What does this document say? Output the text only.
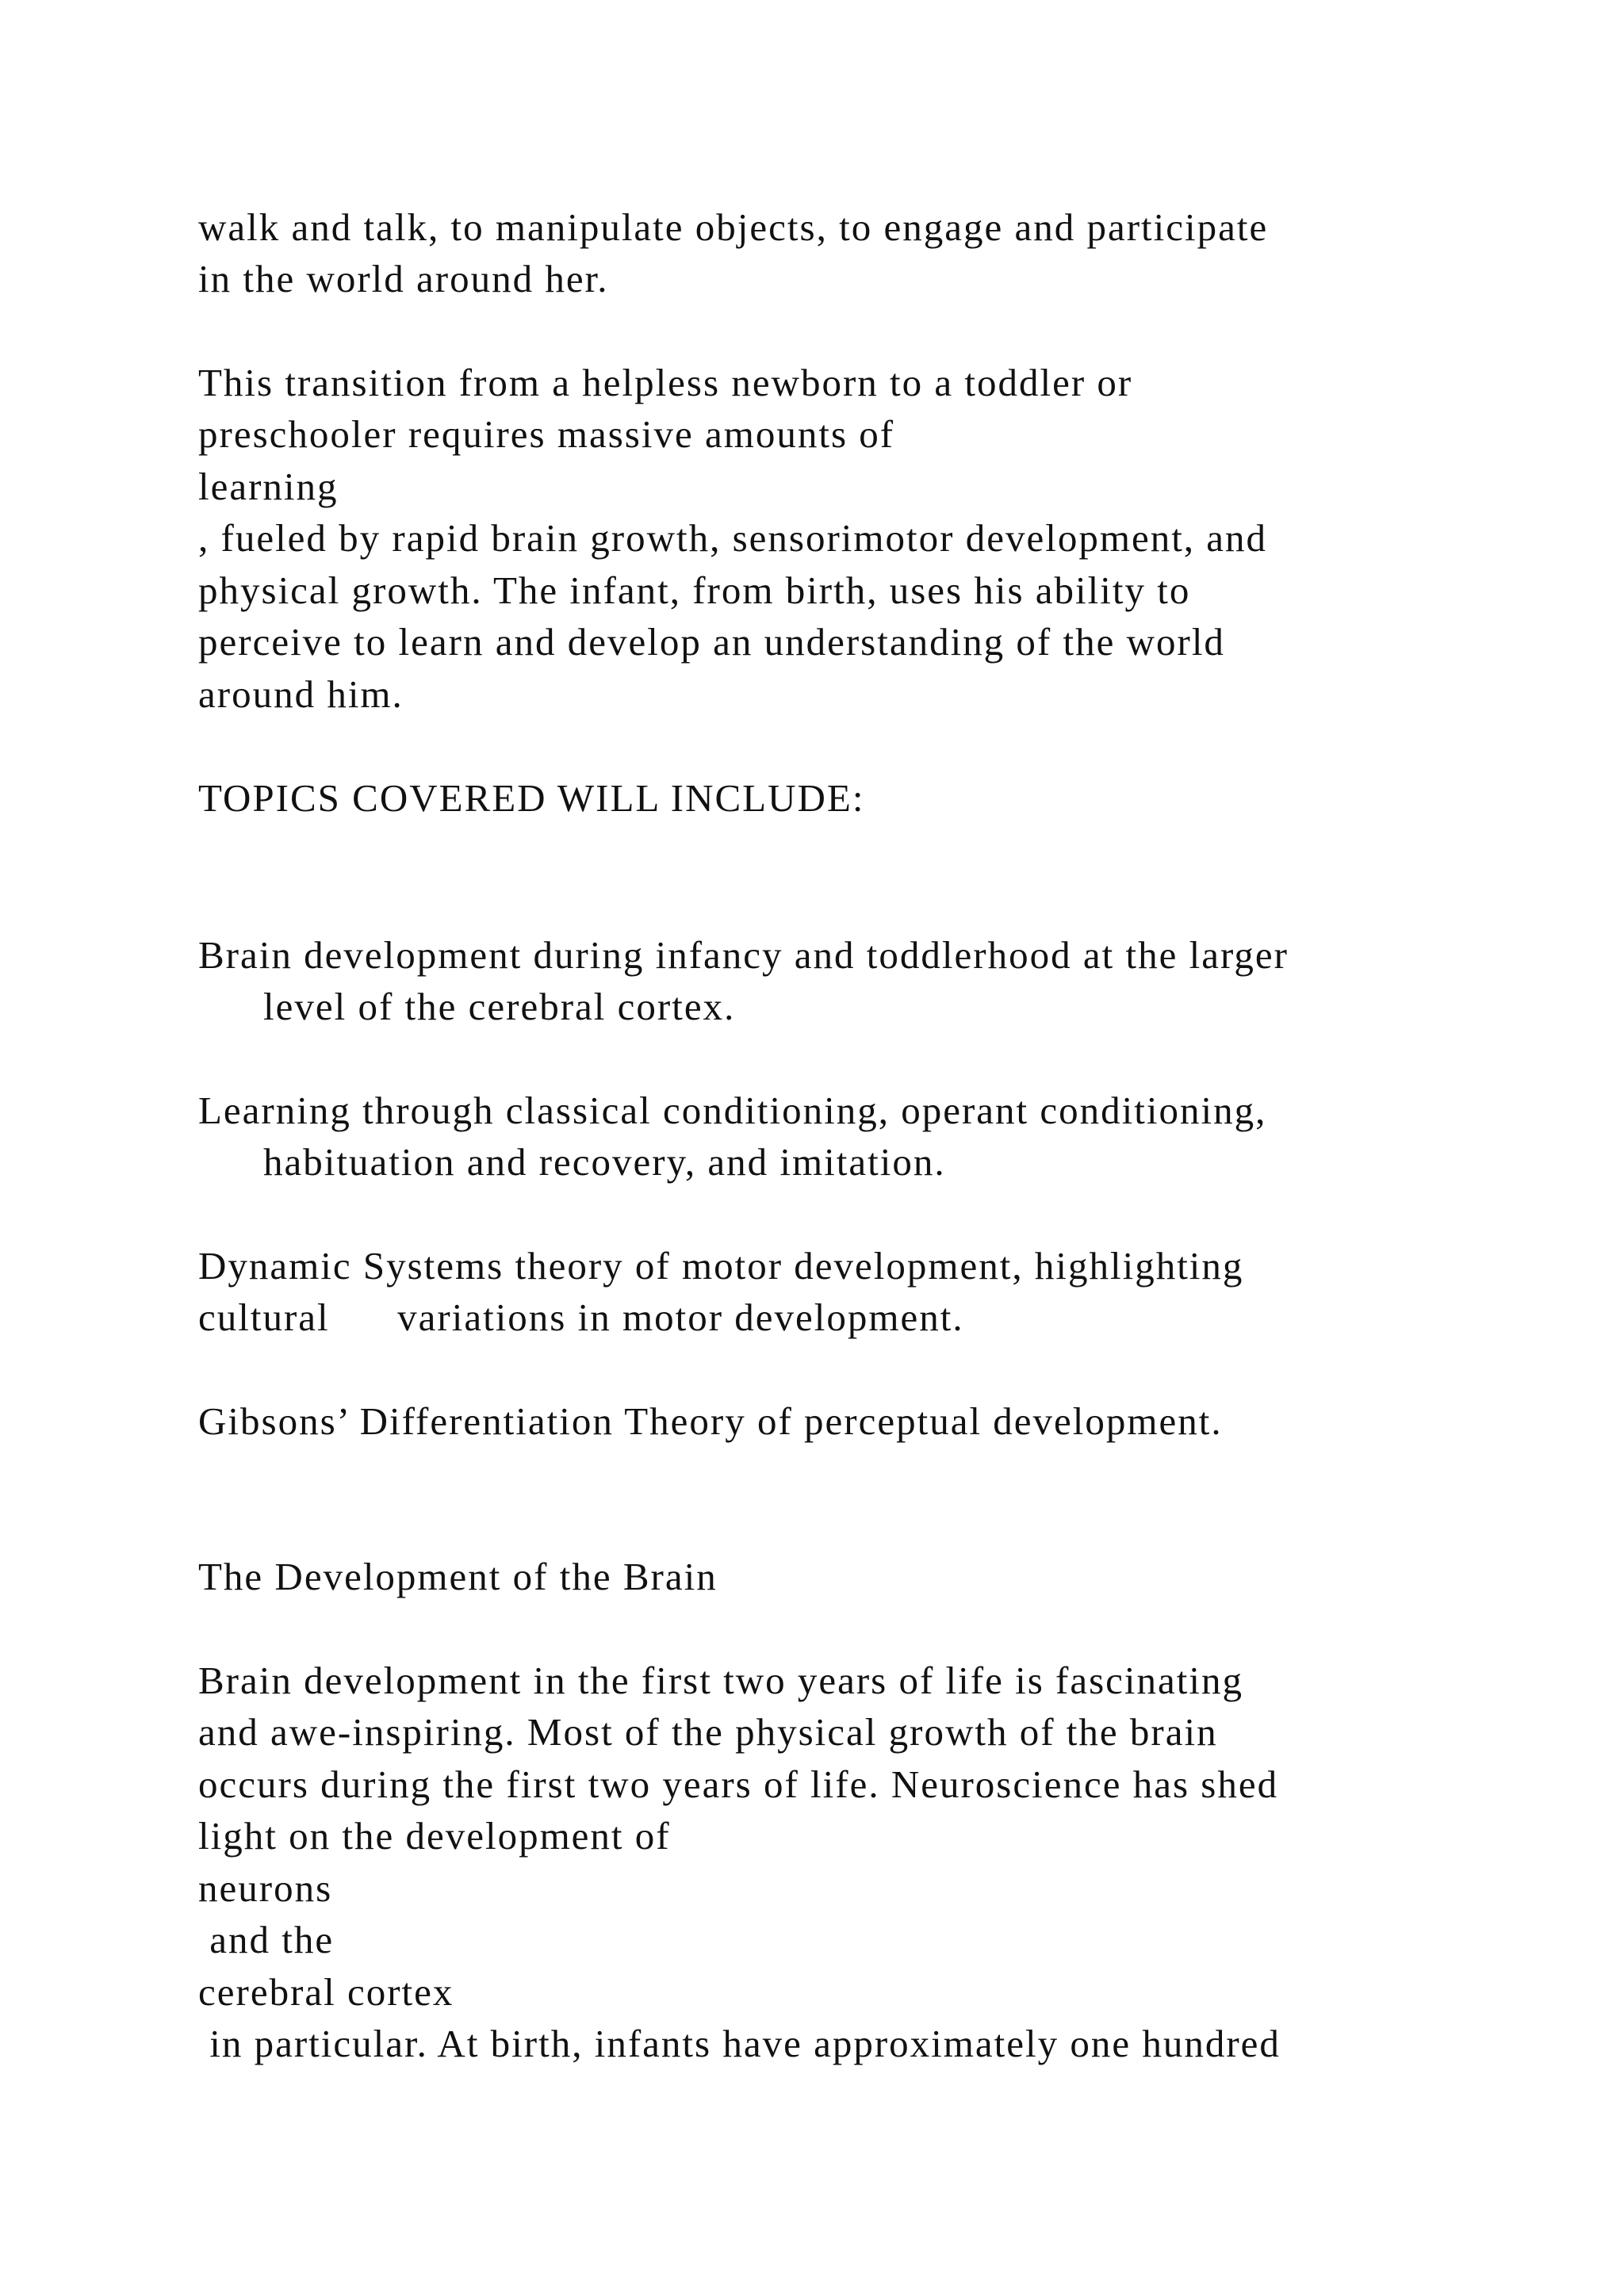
walk and talk, to manipulate objects, to engage and participate

in the world around her.

This transition from a helpless newborn to a toddler or

preschooler requires massive amounts of

learning

, fueled by rapid brain growth, sensorimotor development, and

physical growth. The infant, from birth, uses his ability to

perceive to learn and develop an understanding of the world

around him.

TOPICS COVERED WILL INCLUDE:

Brain development during infancy and toddlerhood at the larger

level of the cerebral cortex.

Learning through classical conditioning, operant conditioning,

habituation and recovery, and imitation.

Dynamic Systems theory of motor development, highlighting

cultural      variations in motor development.

Gibsons’ Differentiation Theory of perceptual development.

The Development of the Brain

Brain development in the first two years of life is fascinating

and awe-inspiring. Most of the physical growth of the brain

occurs during the first two years of life. Neuroscience has shed

light on the development of

neurons

and the

cerebral cortex

in particular. At birth, infants have approximately one hundred
